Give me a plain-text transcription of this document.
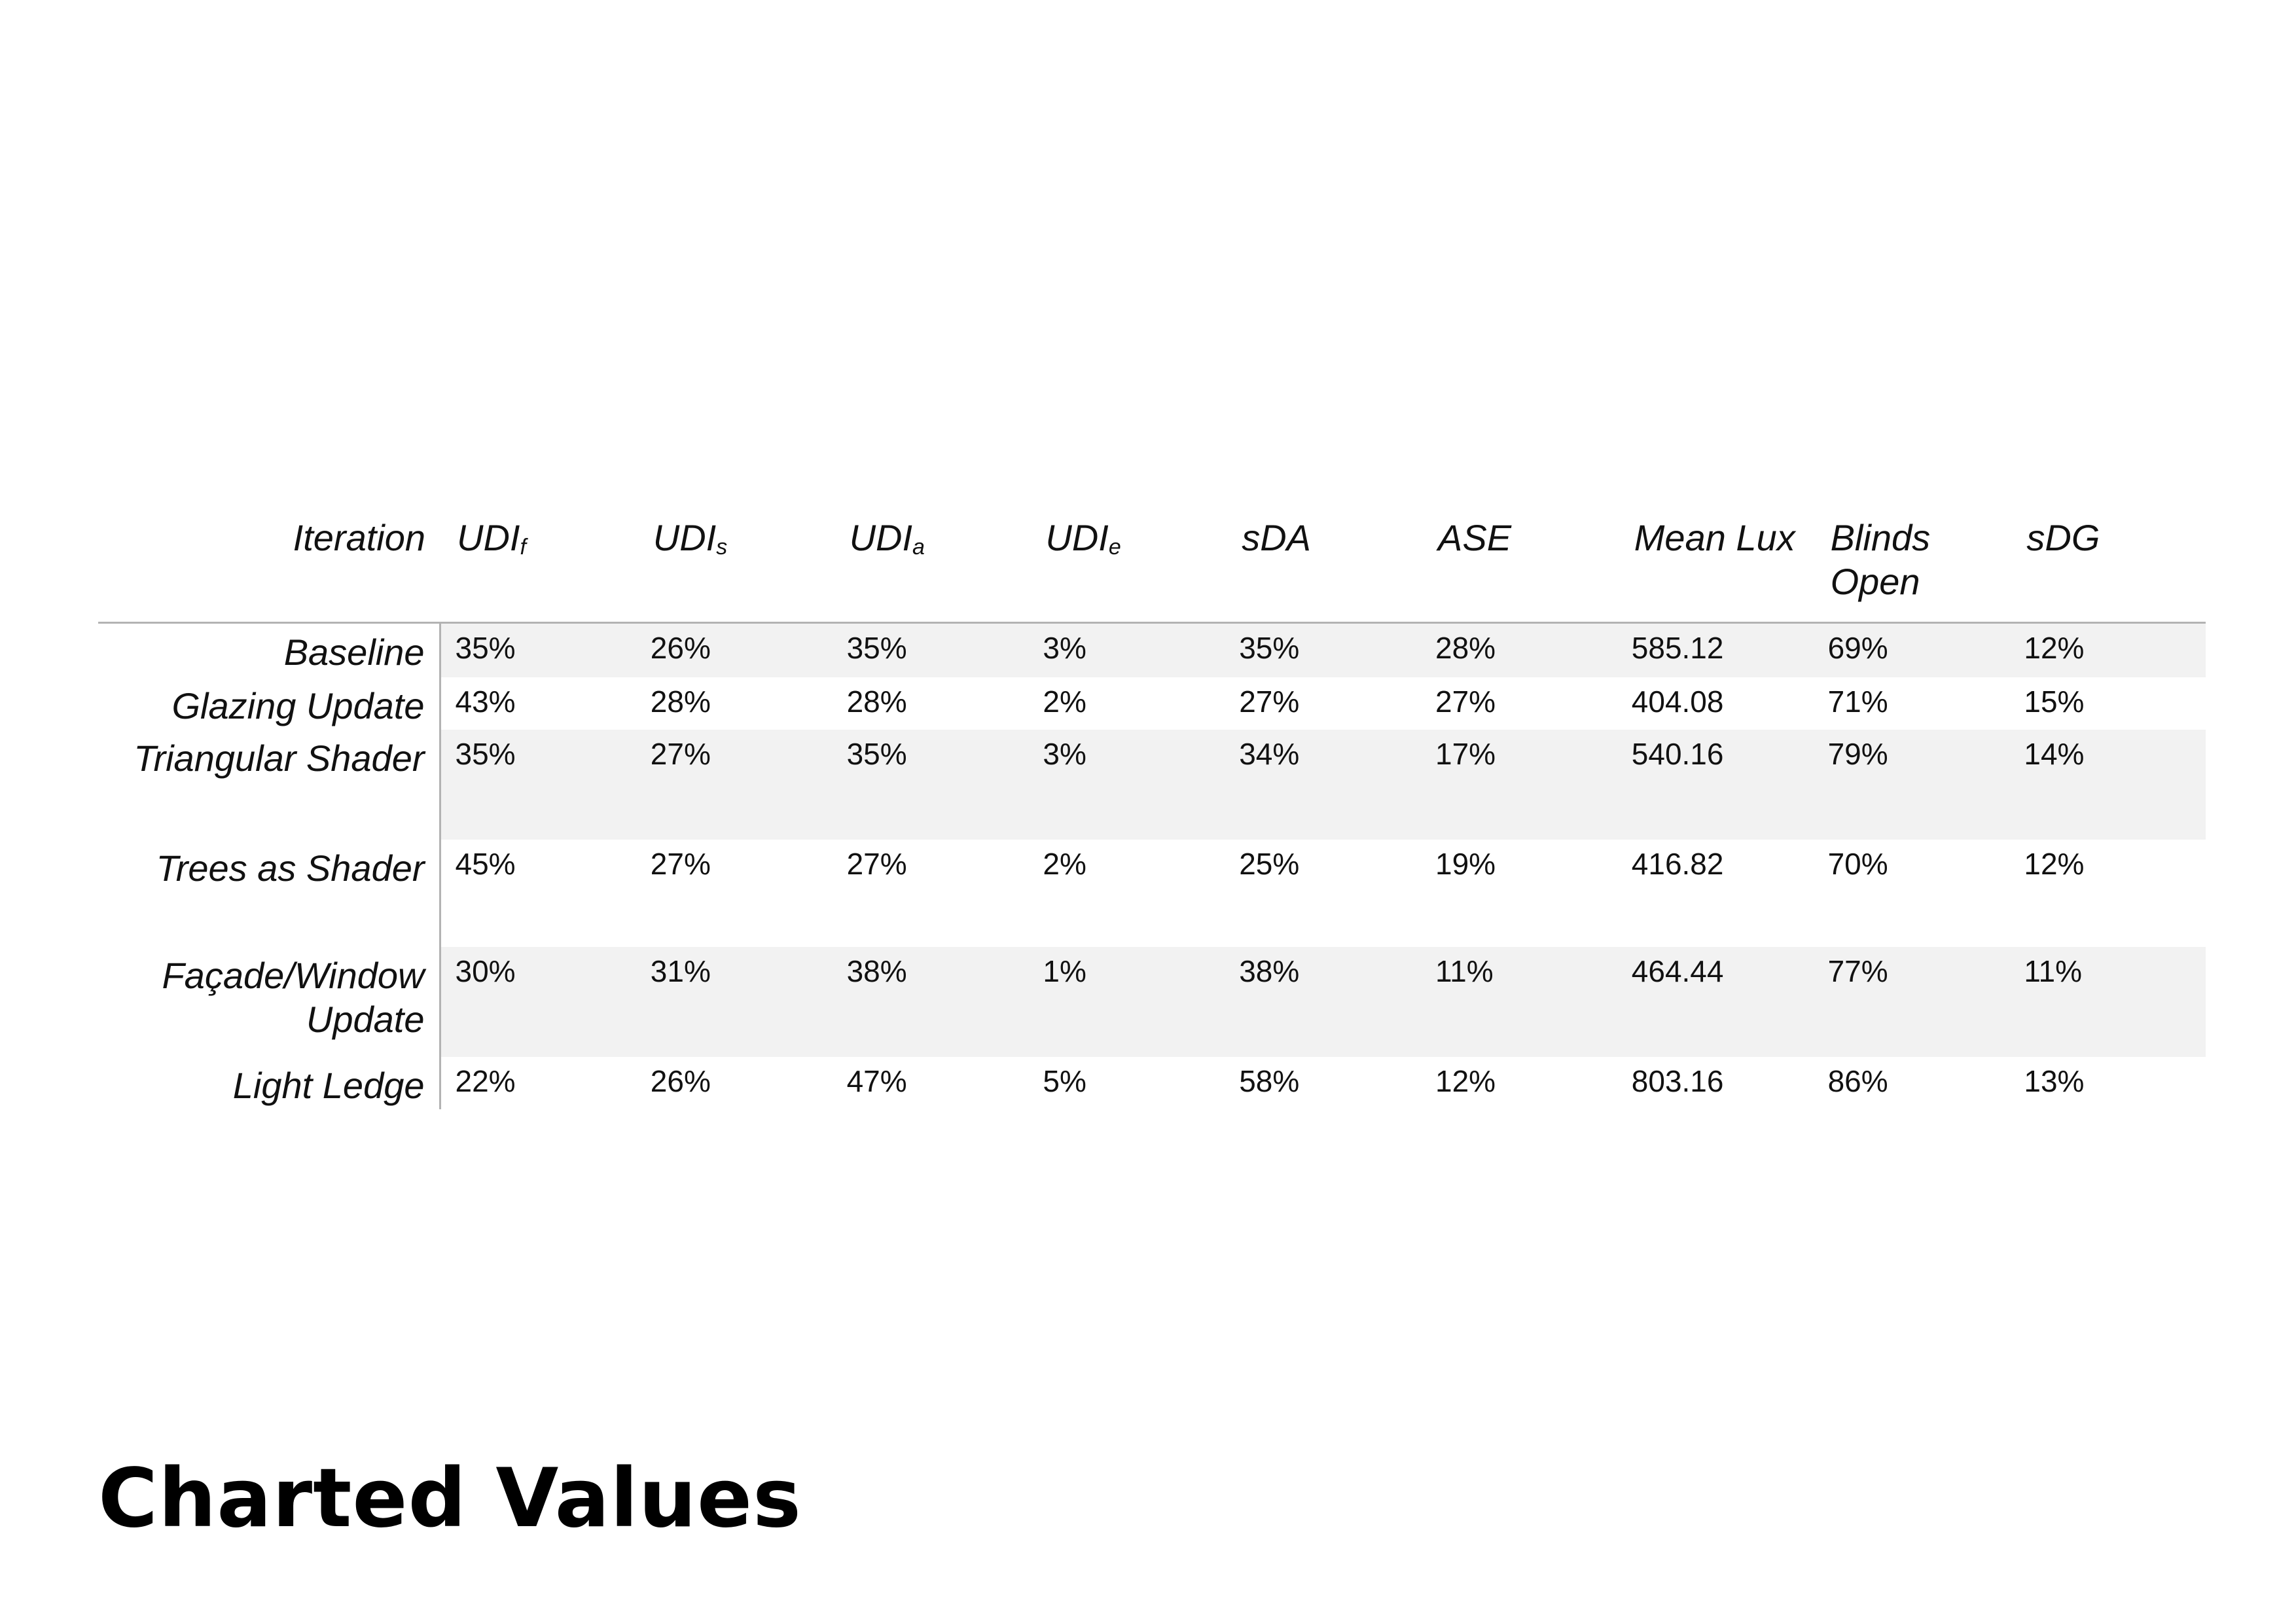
Iteration	$UDI_f$	$UDI_s$	$UDI_a$	$UDI_e$	sDA	ASE	Mean Lux	Blinds Open	sDG
Baseline	35%	26%	35%	3%	35%	28%	585.12	69%	12%
Glazing Update	43%	28%	28%	2%	27%	27%	404.08	71%	15%
Triangular Shader	35%	27%	35%	3%	34%	17%	540.16	79%	14%
Trees as Shader	45%	27%	27%	2%	25%	19%	416.82	70%	12%
Façade/Window Update	30%	31%	38%	1%	38%	11%	464.44	77%	11%
Light Ledge	22%	26%	47%	5%	58%	12%	803.16	86%	13%
Charted Values
